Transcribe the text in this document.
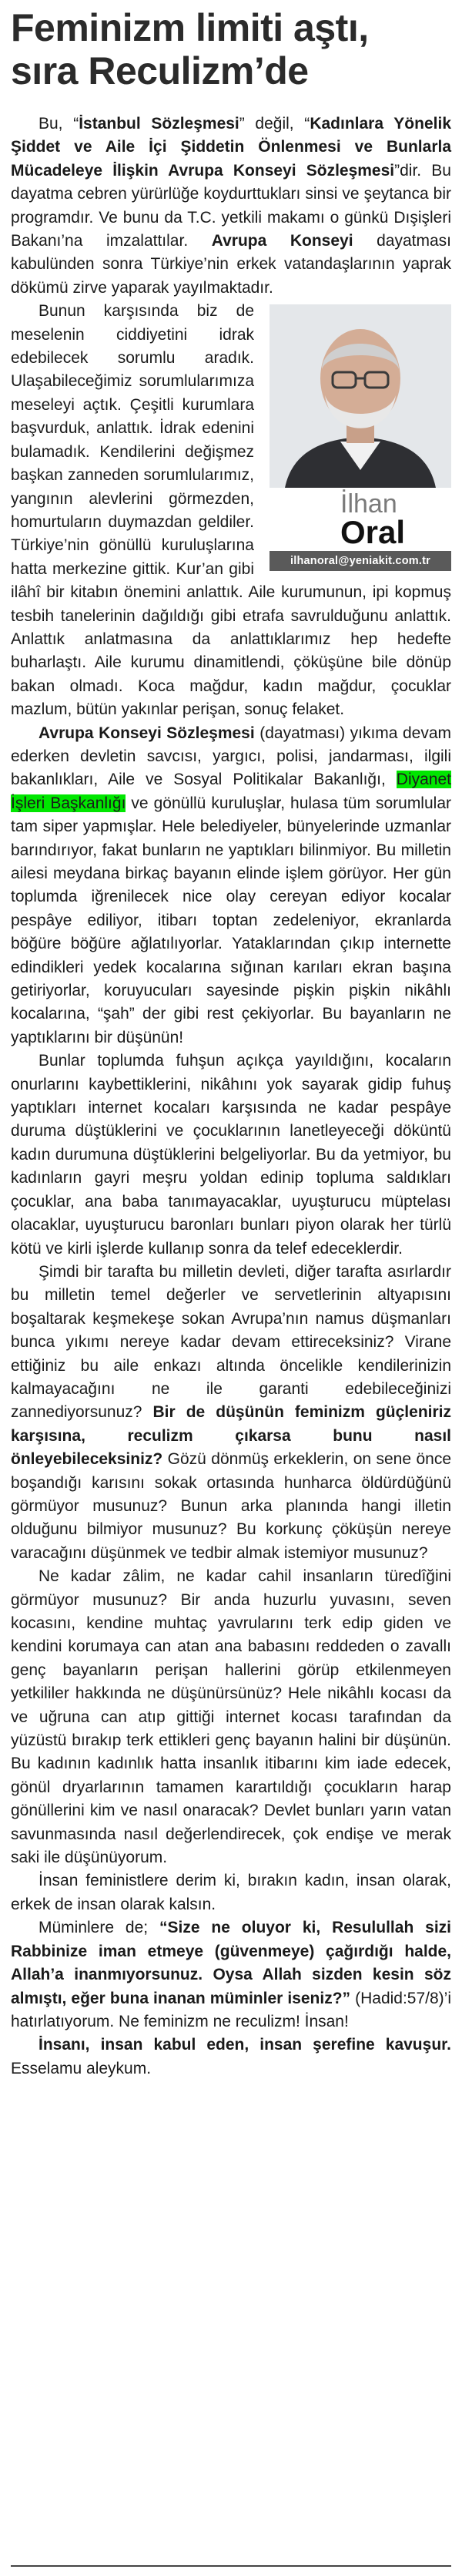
Feminizm limiti aştı,
sıra Reculizm’de

Bu, “İstanbul Sözleşmesi” değil, “Kadınlara Yönelik Şiddet ve Aile İçi Şiddetin Önlenmesi ve Bunlarla Mücadeleye İlişkin Avrupa Konseyi Sözleşmesi”dir. Bu dayatma cebren yürürlüğe koydurttukları sinsi ve şeytanca bir programdır. Ve bunu da T.C. yetkili makamı o günkü Dışişleri Bakanı’na imzalattılar. Avrupa Konseyi dayatması kabulünden sonra Türkiye’nin erkek vatandaşlarının yaprak dökümü zirve yaparak yayılmaktadır.

İlhan
Oral
ilhanoral@yeniakit.com.tr
Bunun karşısında biz de meselenin ciddiyetini idrak edebilecek sorumlu aradık. Ulaşabileceğimiz sorumlularımıza meseleyi açtık. Çeşitli kurumlara başvurduk, anlattık. İdrak edenini bulamadık. Kendilerini değişmez başkan zanneden sorumlularımız, yangının alevlerini görmezden, homurtuların duymazdan geldiler. Türkiye’nin gönüllü kuruluşlarına hatta merkezine gittik. Kur’an gibi ilâhî bir kitabın önemini anlattık. Aile kurumunun, ipi kopmuş tesbih tanelerinin dağıldığı gibi etrafa savrulduğunu anlattık. Anlattık anlatmasına da anlattıklarımız hep hedefte buharlaştı. Aile kurumu dinamitlendi, çöküşüne bile dönüp bakan olmadı. Koca mağdur, kadın mağdur, çocuklar mazlum, bütün yakınlar perişan, sonuç felaket.

Avrupa Konseyi Sözleşmesi (dayatması) yıkıma devam ederken devletin savcısı, yargıcı, polisi, jandarması, ilgili bakanlıkları, Aile ve Sosyal Politikalar Bakanlığı, Diyanet İşleri Başkanlığı ve gönüllü kuruluşlar, hulasa tüm sorumlular tam siper yapmışlar. Hele belediyeler, bünyelerinde uzmanlar barındırıyor, fakat bunların ne yaptıkları bilinmiyor. Bu milletin ailesi meydana birkaç bayanın elinde işlem görüyor. Her gün toplumda iğrenilecek nice olay cereyan ediyor kocalar pespâye ediliyor, itibarı toptan zedeleniyor, ekranlarda böğüre böğüre ağlatılıyorlar. Yataklarından çıkıp internette edindikleri yedek kocalarına sığınan karıları ekran başına getiriyorlar, koruyucuları sayesinde pişkin pişkin nikâhlı kocalarına, “şah” der gibi rest çekiyorlar. Bu bayanların ne yaptıklarını bir düşünün!

Bunlar toplumda fuhşun açıkça yayıldığını, kocaların onurlarını kaybettiklerini, nikâhını yok sayarak gidip fuhuş yaptıkları internet kocaları karşısında ne kadar pespâye duruma düştüklerini ve çocuklarının lanetleyeceği döküntü kadın durumuna düştüklerini belgeliyorlar. Bu da yetmiyor, bu kadınların gayri meşru yoldan edinip topluma saldıkları çocuklar, ana baba tanımayacaklar, uyuşturucu müptelası olacaklar, uyuşturucu baronları bunları piyon olarak her türlü kötü ve kirli işlerde kullanıp sonra da telef edeceklerdir.

Şimdi bir tarafta bu milletin devleti, diğer tarafta asırlardır bu milletin temel değerler ve servetlerinin altyapısını boşaltarak keşmekeşe sokan Avrupa’nın namus düşmanları bunca yıkımı nereye kadar devam ettireceksiniz? Virane ettiğiniz bu aile enkazı altında öncelikle kendilerinizin kalmayacağını ne ile garanti edebileceğinizi zannediyorsunuz? Bir de düşünün feminizm güçleniriz karşısına, reculizm çıkarsa bunu nasıl önleyebileceksiniz? Gözü dönmüş erkeklerin, on sene önce boşandığı karısını sokak ortasında hunharca öldürdüğünü görmüyor musunuz? Bunun arka planında hangi illetin olduğunu bilmiyor musunuz? Bu korkunç çöküşün nereye varacağını düşünmek ve tedbir almak istemiyor musunuz?

Ne kadar zâlim, ne kadar cahil insanların türedîğini görmüyor musunuz? Bir anda huzurlu yuvasını, seven kocasını, kendine muhtaç yavrularını terk edip giden ve kendini korumaya can atan ana babasını reddeden o zavallı genç bayanların perişan hallerini görüp etkilenmeyen yetkililer hakkında ne düşünürsünüz? Hele nikâhlı kocası da ve uğruna can atıp gittiği internet kocası tarafından da yüzüstü bırakıp terk ettikleri genç bayanın halini bir düşünün. Bu kadının kadınlık hatta insanlık itibarını kim iade edecek, gönül dryarlarının tamamen karartıldığı çocukların harap gönüllerini kim ve nasıl onaracak? Devlet bunları yarın vatan savunmasında nasıl değerlendirecek, çok endişe ve merak saki ile düşünüyorum.

İnsan feministlere derim ki, bırakın kadın, insan olarak, erkek de insan olarak kalsın.

Müminlere de; “Size ne oluyor ki, Resulullah sizi Rabbinize iman etmeye (güvenmeye) çağırdığı halde, Allah’a inanmıyorsunuz. Oysa Allah sizden kesin söz almıştı, eğer buna inanan müminler iseniz?” (Hadid:57/8)’i hatırlatıyorum. Ne feminizm ne reculizm! İnsan!

İnsanı, insan kabul eden, insan şerefine kavuşur. Esselamu aleykum.
